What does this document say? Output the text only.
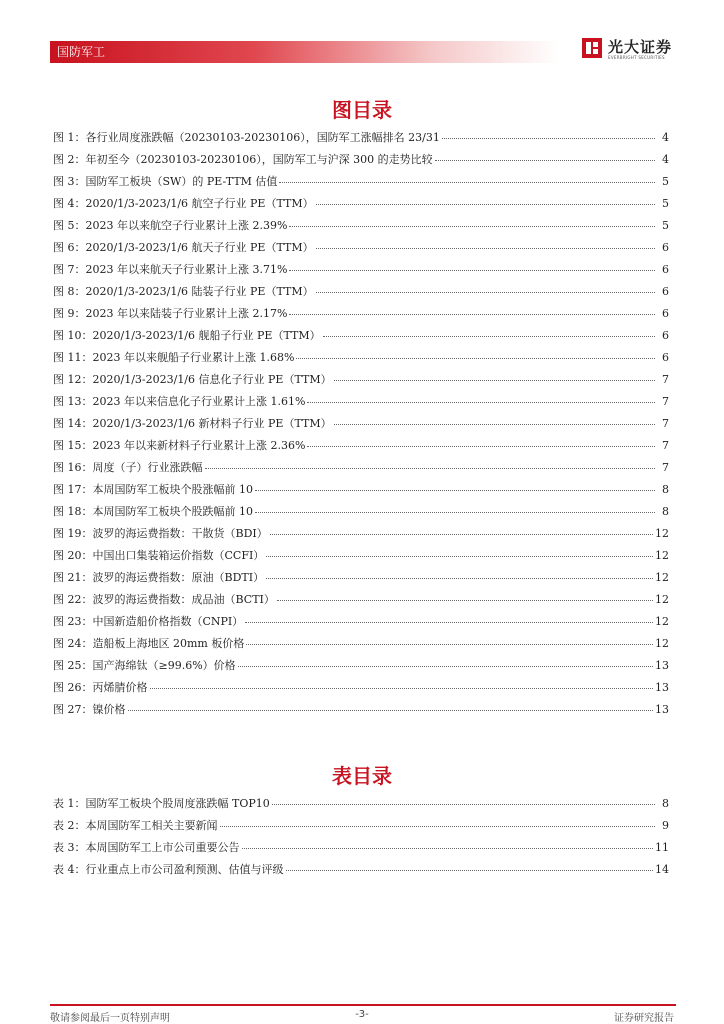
国防军工	光大证券
EVERBRIGHT SECURITIES
图目录
图 1：各行业周度涨跌幅（20230103-20230106），国防军工涨幅排名 23/31	4
图 2：年初至今（20230103-20230106），国防军工与沪深 300 的走势比较	4
图 3：国防军工板块（SW）的 PE-TTM 估值	5
图 4：2020/1/3-2023/1/6 航空子行业 PE（TTM）	5
图 5：2023 年以来航空子行业累计上涨 2.39%	5
图 6：2020/1/3-2023/1/6 航天子行业 PE（TTM）	6
图 7：2023 年以来航天子行业累计上涨 3.71%	6
图 8：2020/1/3-2023/1/6 陆装子行业 PE（TTM）	6
图 9：2023 年以来陆装子行业累计上涨 2.17%	6
图 10：2020/1/3-2023/1/6 舰船子行业 PE（TTM）	6
图 11：2023 年以来舰船子行业累计上涨 1.68%	6
图 12：2020/1/3-2023/1/6 信息化子行业 PE（TTM）	7
图 13：2023 年以来信息化子行业累计上涨 1.61%	7
图 14：2020/1/3-2023/1/6 新材料子行业 PE（TTM）	7
图 15：2023 年以来新材料子行业累计上涨 2.36%	7
图 16：周度（子）行业涨跌幅	7
图 17：本周国防军工板块个股涨幅前 10	8
图 18：本周国防军工板块个股跌幅前 10	8
图 19：波罗的海运费指数：干散货（BDI）	12
图 20：中国出口集装箱运价指数（CCFI）	12
图 21：波罗的海运费指数：原油（BDTI）	12
图 22：波罗的海运费指数：成品油（BCTI）	12
图 23：中国新造船价格指数（CNPI）	12
图 24：造船板上海地区 20mm 板价格	12
图 25：国产海绵钛（≥99.6%）价格	13
图 26：丙烯腈价格	13
图 27：镍价格	13
表目录
表 1：国防军工板块个股周度涨跌幅 TOP10	8
表 2：本周国防军工相关主要新闻	9
表 3：本周国防军工上市公司重要公告	11
表 4：行业重点上市公司盈利预测、估值与评级	14
敬请参阅最后一页特别声明	-3-	证券研究报告
